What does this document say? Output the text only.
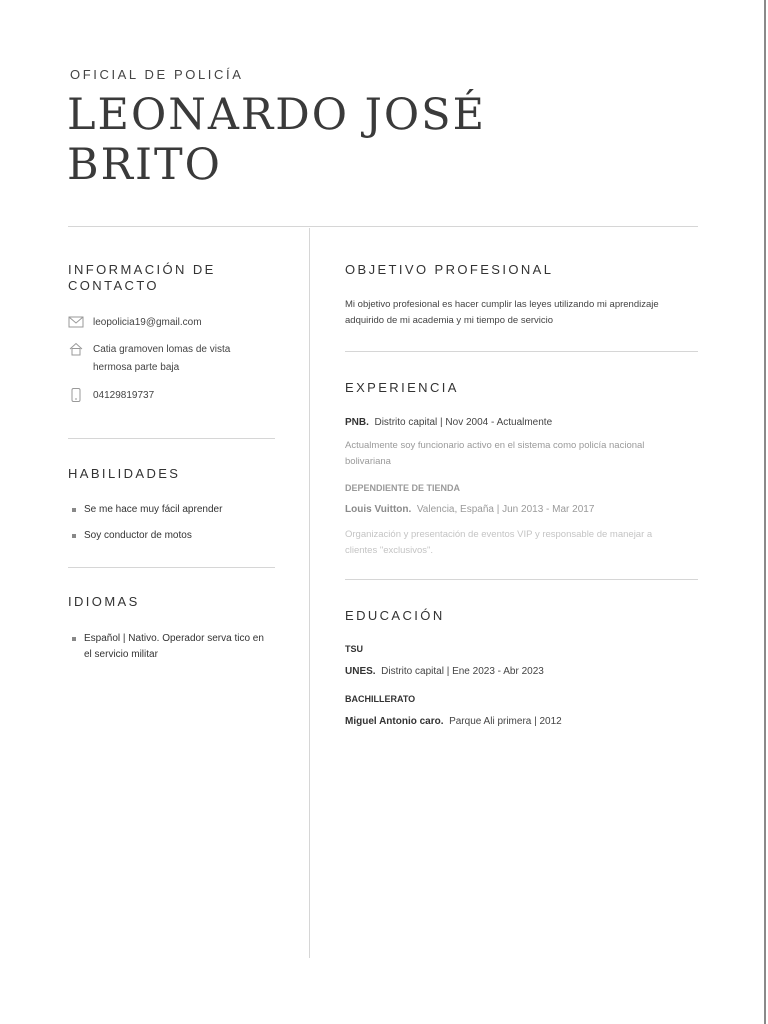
OFICIAL DE POLICÍA
LEONARDO JOSÉ
BRITO
INFORMACIÓN DE
CONTACTO
leopolicia19@gmail.com
Catia gramoven lomas de vista
hermosa parte baja
04129819737
HABILIDADES
Se me hace muy fácil aprender
Soy conductor de motos
IDIOMAS
Español | Nativo. Operador serva tico en
el servicio militar
OBJETIVO PROFESIONAL
Mi objetivo profesional es hacer cumplir las leyes utilizando mi aprendizaje
adquirido de mi academia y mi tiempo de servicio
EXPERIENCIA
PNB. Distrito capital | Nov 2004 - Actualmente
Actualmente soy funcionario activo en el sistema como policía nacional
bolivariana
DEPENDIENTE DE TIENDA
Louis Vuitton. Valencia, España | Jun 2013 - Mar 2017
Organización y presentación de eventos VIP y responsable de manejar a
clientes "exclusivos".
EDUCACIÓN
TSU
UNES. Distrito capital | Ene 2023 - Abr 2023
BACHILLERATO
Miguel Antonio caro. Parque Ali primera | 2012
